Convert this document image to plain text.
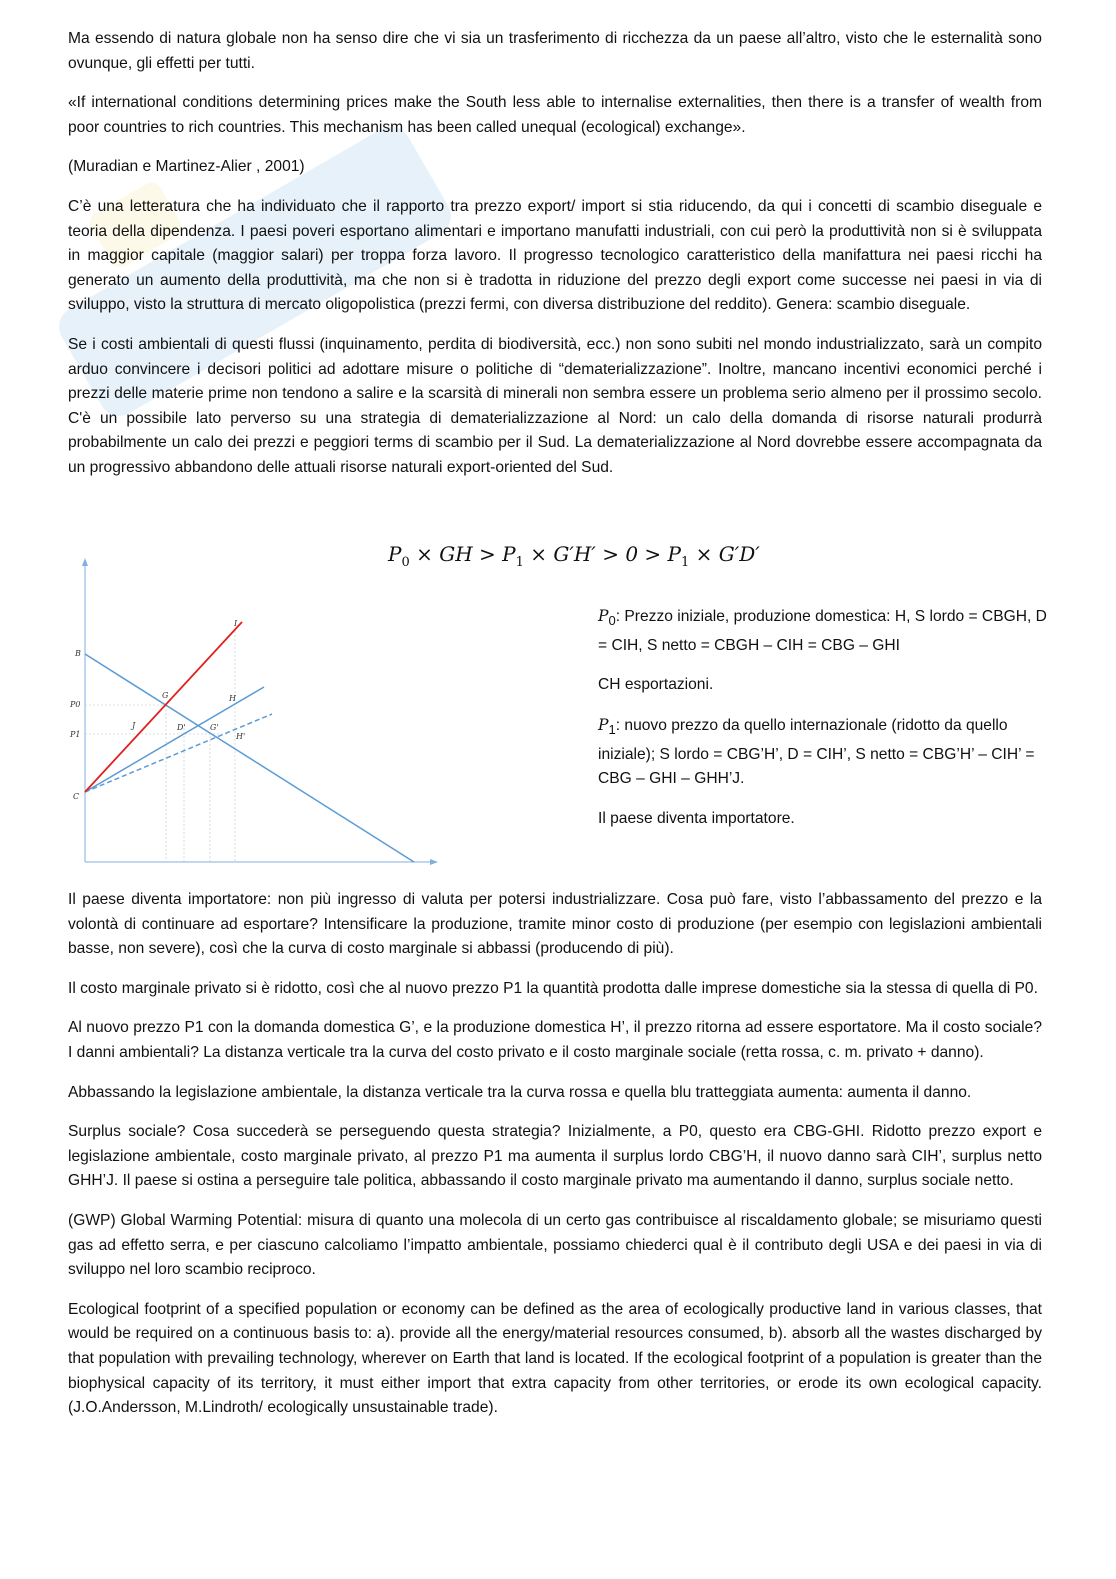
Ma essendo di natura globale non ha senso dire che vi sia un trasferimento di ricchezza da un paese all’altro, visto che le esternalità sono ovunque, gli effetti per tutti.

«If international conditions determining prices make the South less able to internalise externalities, then there is a transfer of wealth from poor countries to rich countries. This mechanism has been called unequal (ecological) exchange».

(Muradian e Martinez-Alier , 2001)

C’è una letteratura che ha individuato che il rapporto tra prezzo export/ import si stia riducendo, da qui i concetti di scambio diseguale e teoria della dipendenza. I paesi poveri esportano alimentari e importano manufatti industriali, con cui però la produttività non si è sviluppata in maggior capitale (maggior salari) per troppa forza lavoro. Il progresso tecnologico caratteristico della manifattura nei paesi ricchi ha generato un aumento della produttività, ma che non si è tradotta in riduzione del prezzo degli export come successe nei paesi in via di sviluppo, visto la struttura di mercato oligopolistica (prezzi fermi, con diversa distribuzione del reddito). Genera: scambio diseguale.

Se i costi ambientali di questi flussi (inquinamento, perdita di biodiversità, ecc.) non sono subiti nel mondo industrializzato, sarà un compito arduo convincere i decisori politici ad adottare misure o politiche di “dematerializzazione”. Inoltre, mancano incentivi economici perché i prezzi delle materie prime non tendono a salire e la scarsità di minerali non sembra essere un problema serio almeno per il prossimo secolo. C'è un possibile lato perverso su una strategia di dematerializzazione al Nord: un calo della domanda di risorse naturali produrrà probabilmente un calo dei prezzi e peggiori terms di scambio per il Sud. La dematerializzazione al Nord dovrebbe essere accompagnata da un progressivo abbandono delle attuali risorse naturali export-oriented del Sud.

$P_0$ × GH > $P_1 \times G'H' > 0 > P_1 \times G'D'$
B
P0
P1
C
I
G	H
J	D'	G'
H'

$P_0$: Prezzo iniziale, produzione domestica: H, S lordo = CBGH, D = CIH, S netto = CBGH – CIH = CBG – GHI

CH esportazioni.

$P_1$: nuovo prezzo da quello internazionale (ridotto da quello iniziale); S lordo = CBG’H’, D = CIH’, S netto = CBG’H’ – CIH’ = CBG – GHI – GHH’J.

Il paese diventa importatore.

Il paese diventa importatore: non più ingresso di valuta per potersi industrializzare. Cosa può fare, visto l’abbassamento del prezzo e la volontà di continuare ad esportare? Intensificare la produzione, tramite minor costo di produzione (per esempio con legislazioni ambientali basse, non severe), così che la curva di costo marginale si abbassi (producendo di più).

Il costo marginale privato si è ridotto, così che al nuovo prezzo P1 la quantità prodotta dalle imprese domestiche sia la stessa di quella di P0.

Al nuovo prezzo P1 con la domanda domestica G’, e la produzione domestica H’, il prezzo ritorna ad essere esportatore. Ma il costo sociale? I danni ambientali? La distanza verticale tra la curva del costo privato e il costo marginale sociale (retta rossa, c. m. privato + danno).

Abbassando la legislazione ambientale, la distanza verticale tra la curva rossa e quella blu tratteggiata aumenta: aumenta il danno.

Surplus sociale? Cosa succederà se perseguendo questa strategia? Inizialmente, a P0, questo era CBG-GHI. Ridotto prezzo export e legislazione ambientale, costo marginale privato, al prezzo P1 ma aumenta il surplus lordo CBG’H, il nuovo danno sarà CIH’, surplus netto GHH’J. Il paese si ostina a perseguire tale politica, abbassando il costo marginale privato ma aumentando il danno, surplus sociale netto.

(GWP) Global Warming Potential: misura di quanto una molecola di un certo gas contribuisce al riscaldamento globale; se misuriamo questi gas ad effetto serra, e per ciascuno calcoliamo l’impatto ambientale, possiamo chiederci qual è il contributo degli USA e dei paesi in via di sviluppo nel loro scambio reciproco.

Ecological footprint of a specified population or economy can be defined as the area of ecologically productive land in various classes, that would be required on a continuous basis to: a). provide all the energy/material resources consumed, b). absorb all the wastes discharged by that population with prevailing technology, wherever on Earth that land is located. If the ecological footprint of a population is greater than the biophysical capacity of its territory, it must either import that extra capacity from other territories, or erode its own ecological capacity. (J.O.Andersson, M.Lindroth/ ecologically unsustainable trade).
